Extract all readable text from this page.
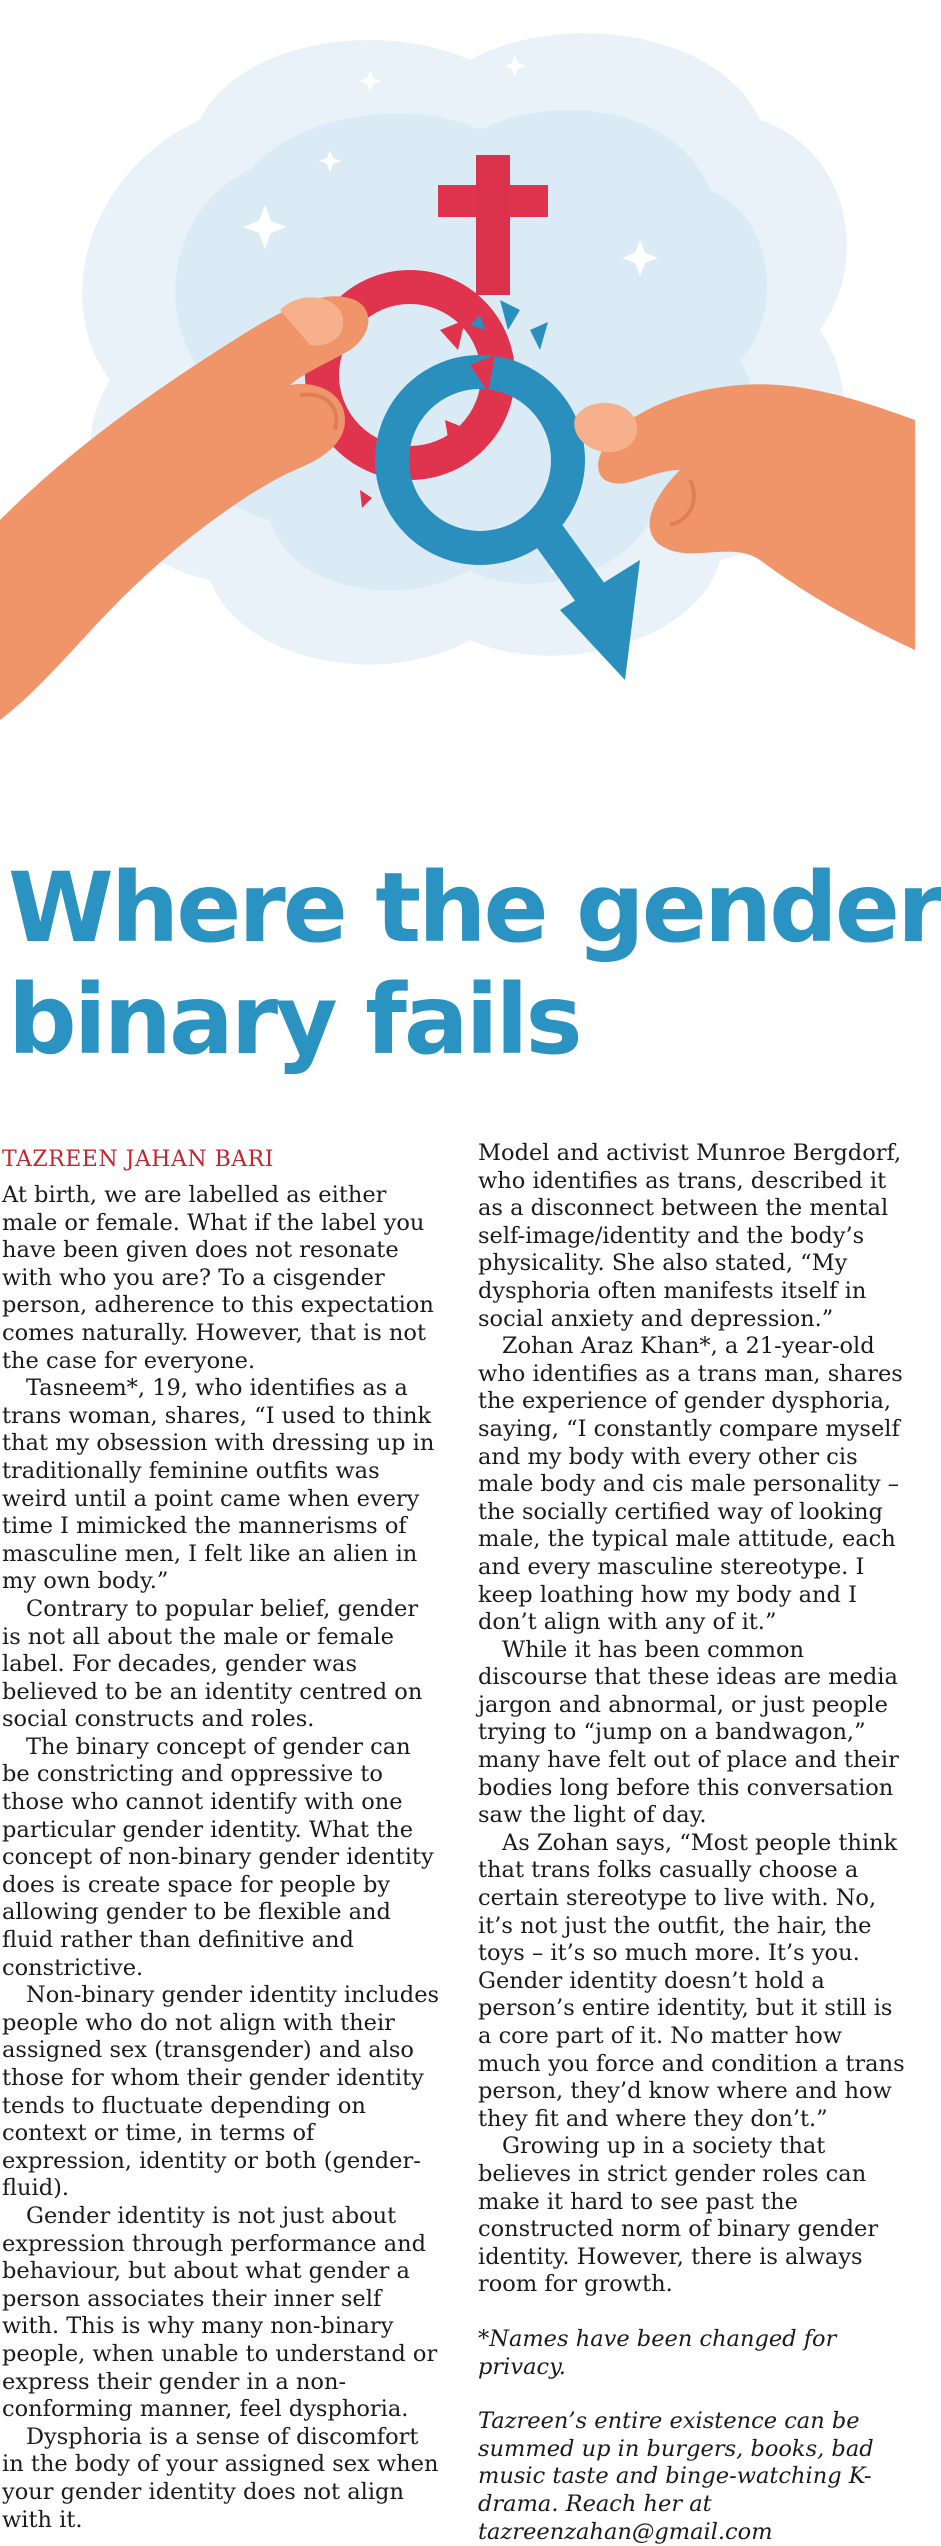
Where the gender
binary fails
TAZREEN JAHAN BARI

At birth, we are labelled as either male or female. What if the label you have been given does not resonate with who you are? To a cisgender person, adherence to this expectation comes naturally. However, that is not the case for everyone.

Tasneem*, 19, who identifies as a trans woman, shares, “I used to think that my obsession with dressing up in traditionally feminine outfits was weird until a point came when every time I mimicked the mannerisms of masculine men, I felt like an alien in my own body.”

Contrary to popular belief, gender is not all about the male or female label. For decades, gender was believed to be an identity centred on social constructs and roles.

The binary concept of gender can be constricting and oppressive to those who cannot identify with one particular gender identity. What the concept of non-binary gender identity does is create space for people by allowing gender to be flexible and fluid rather than definitive and constrictive.

Non-binary gender identity includes people who do not align with their assigned sex (transgender) and also those for whom their gender identity tends to fluctuate depending on context or time, in terms of expression, identity or both (gender-fluid).

Gender identity is not just about expression through performance and behaviour, but about what gender a person associates their inner self with. This is why many non-binary people, when unable to understand or express their gender in a non-conforming manner, feel dysphoria.

Dysphoria is a sense of discomfort in the body of your assigned sex when your gender identity does not align with it.

Model and activist Munroe Bergdorf, who identifies as trans, described it as a disconnect between the mental self-image/identity and the body’s physicality. She also stated, “My dysphoria often manifests itself in social anxiety and depression.”

Zohan Araz Khan*, a 21-year-old who identifies as a trans man, shares the experience of gender dysphoria, saying, “I constantly compare myself and my body with every other cis male body and cis male personality – the socially certified way of looking male, the typical male attitude, each and every masculine stereotype. I keep loathing how my body and I don’t align with any of it.”

While it has been common discourse that these ideas are media jargon and abnormal, or just people trying to “jump on a bandwagon,” many have felt out of place and their bodies long before this conversation saw the light of day.

As Zohan says, “Most people think that trans folks casually choose a certain stereotype to live with. No, it’s not just the outfit, the hair, the toys – it’s so much more. It’s you. Gender identity doesn’t hold a person’s entire identity, but it still is a core part of it. No matter how much you force and condition a trans person, they’d know where and how they fit and where they don’t.”

Growing up in a society that believes in strict gender roles can make it hard to see past the constructed norm of binary gender identity. However, there is always room for growth.

*Names have been changed for privacy.

Tazreen’s entire existence can be summed up in burgers, books, bad music taste and binge-watching K-drama. Reach her at tazreenzahan@gmail.com
